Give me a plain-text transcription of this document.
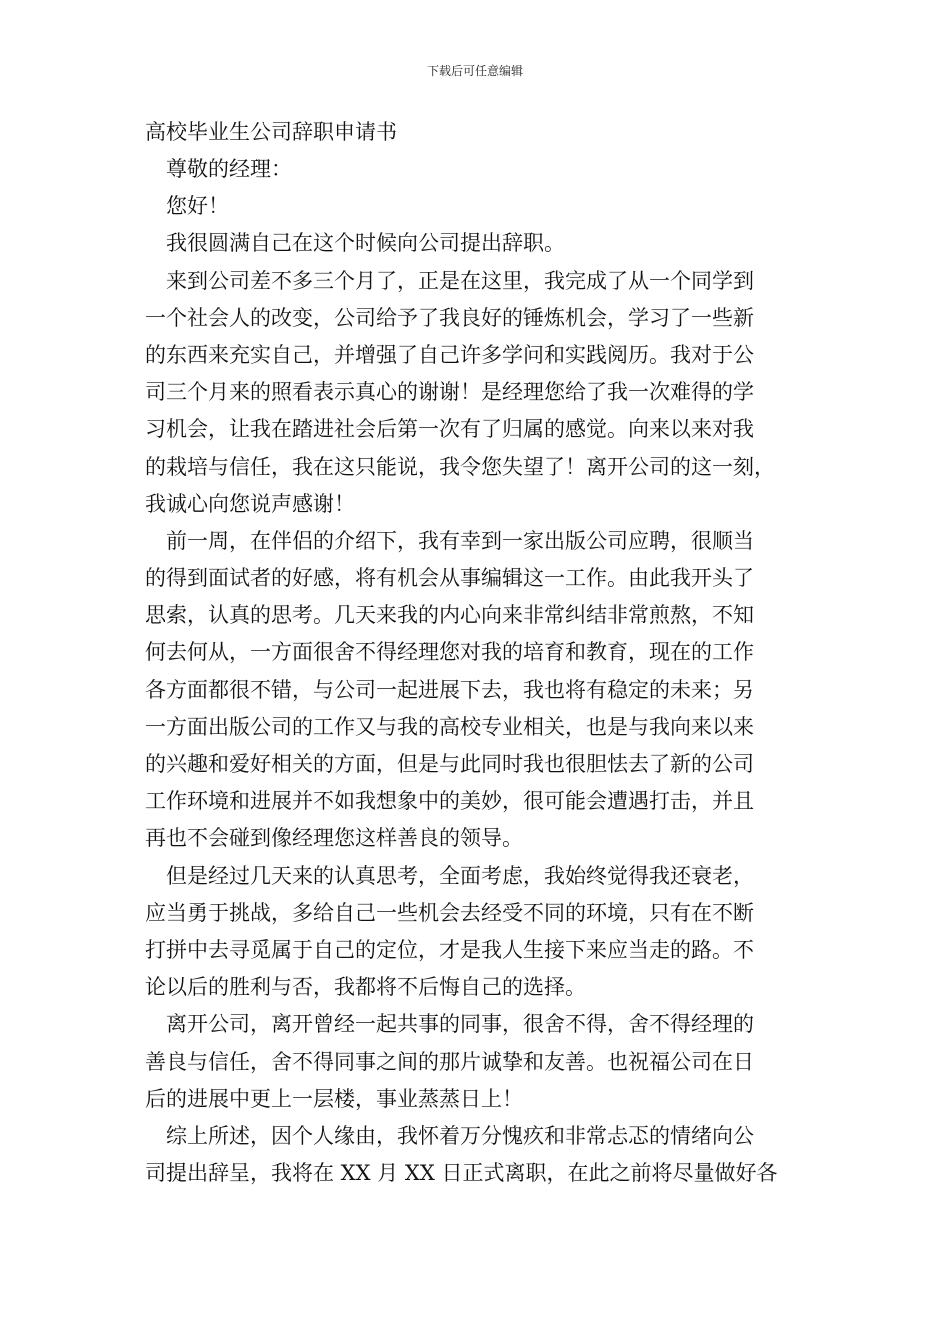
下载后可任意编辑
高校毕业生公司辞职申请书

尊敬的经理：

您好！

我很圆满自己在这个时候向公司提出辞职。

来到公司差不多三个月了，正是在这里，我完成了从一个同学到

一个社会人的改变，公司给予了我良好的锤炼机会，学习了一些新

的东西来充实自己，并增强了自己许多学问和实践阅历。我对于公

司三个月来的照看表示真心的谢谢！是经理您给了我一次难得的学

习机会，让我在踏进社会后第一次有了归属的感觉。向来以来对我

的栽培与信任，我在这只能说，我令您失望了！离开公司的这一刻，

我诚心向您说声感谢！

前一周，在伴侣的介绍下，我有幸到一家出版公司应聘，很顺当

的得到面试者的好感，将有机会从事编辑这一工作。由此我开头了

思索，认真的思考。几天来我的内心向来非常纠结非常煎熬，不知

何去何从，一方面很舍不得经理您对我的培育和教育，现在的工作

各方面都很不错，与公司一起进展下去，我也将有稳定的未来；另

一方面出版公司的工作又与我的高校专业相关，也是与我向来以来

的兴趣和爱好相关的方面，但是与此同时我也很胆怯去了新的公司

工作环境和进展并不如我想象中的美妙，很可能会遭遇打击，并且

再也不会碰到像经理您这样善良的领导。

但是经过几天来的认真思考，全面考虑，我始终觉得我还衰老，

应当勇于挑战，多给自己一些机会去经受不同的环境，只有在不断

打拼中去寻觅属于自己的定位，才是我人生接下来应当走的路。不

论以后的胜利与否，我都将不后悔自己的选择。

离开公司，离开曾经一起共事的同事，很舍不得，舍不得经理的

善良与信任，舍不得同事之间的那片诚挚和友善。也祝福公司在日

后的进展中更上一层楼，事业蒸蒸日上！

综上所述，因个人缘由，我怀着万分愧疚和非常忐忑的情绪向公

司提出辞呈，我将在 XX 月 XX 日正式离职，在此之前将尽量做好各
